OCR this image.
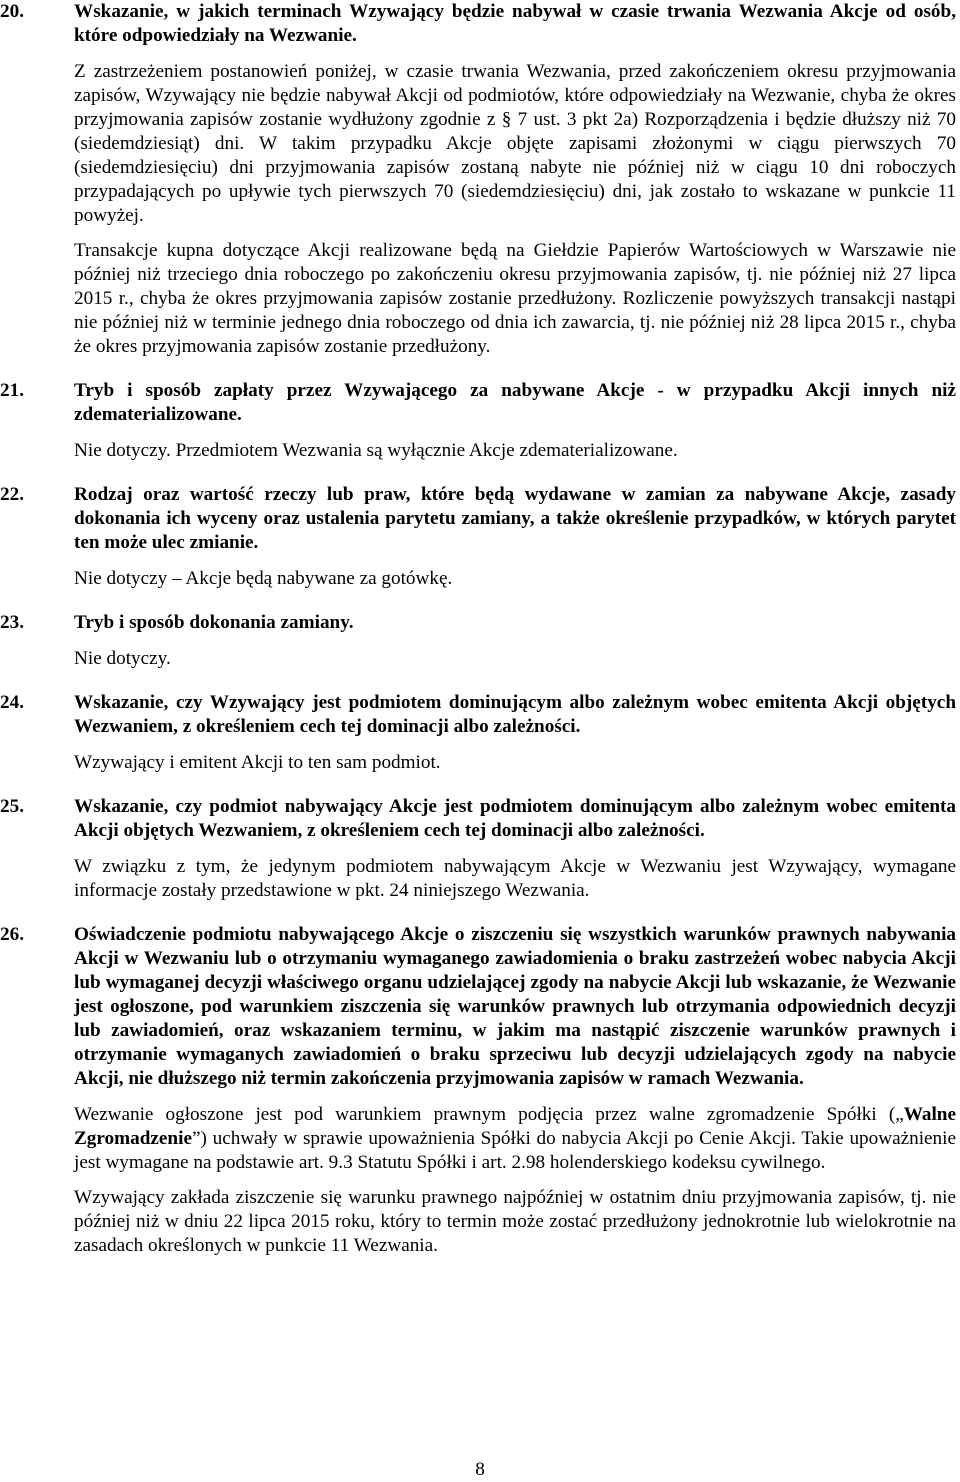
20.	Wskazanie, w jakich terminach Wzywający będzie nabywał w czasie trwania Wezwania Akcje od osób, które odpowiedziały na Wezwanie.

Z zastrzeżeniem postanowień poniżej, w czasie trwania Wezwania, przed zakończeniem okresu przyjmowania zapisów, Wzywający nie będzie nabywał Akcji od podmiotów, które odpowiedziały na Wezwanie, chyba że okres przyjmowania zapisów zostanie wydłużony zgodnie z § 7 ust. 3 pkt 2a) Rozporządzenia i będzie dłuższy niż 70 (siedemdziesiąt) dni. W takim przypadku Akcje objęte zapisami złożonymi w ciągu pierwszych 70 (siedemdziesięciu) dni przyjmowania zapisów zostaną nabyte nie później niż w ciągu 10 dni roboczych przypadających po upływie tych pierwszych 70 (siedemdziesięciu) dni, jak zostało to wskazane w punkcie 11 powyżej.

Transakcje kupna dotyczące Akcji realizowane będą na Giełdzie Papierów Wartościowych w Warszawie nie później niż trzeciego dnia roboczego po zakończeniu okresu przyjmowania zapisów, tj. nie później niż 27 lipca 2015 r., chyba że okres przyjmowania zapisów zostanie przedłużony. Rozliczenie powyższych transakcji nastąpi nie później niż w terminie jednego dnia roboczego od dnia ich zawarcia, tj. nie później niż 28 lipca 2015 r., chyba że okres przyjmowania zapisów zostanie przedłużony.

21.	Tryb i sposób zapłaty przez Wzywającego za nabywane Akcje - w przypadku Akcji innych niż zdematerializowane.

Nie dotyczy. Przedmiotem Wezwania są wyłącznie Akcje zdematerializowane.

22.	Rodzaj oraz wartość rzeczy lub praw, które będą wydawane w zamian za nabywane Akcje, zasady dokonania ich wyceny oraz ustalenia parytetu zamiany, a także określenie przypadków, w których parytet ten może ulec zmianie.

Nie dotyczy – Akcje będą nabywane za gotówkę.

23.	Tryb i sposób dokonania zamiany.

Nie dotyczy.

24.	Wskazanie, czy Wzywający jest podmiotem dominującym albo zależnym wobec emitenta Akcji objętych Wezwaniem, z określeniem cech tej dominacji albo zależności.

Wzywający i emitent Akcji to ten sam podmiot.

25.	Wskazanie, czy podmiot nabywający Akcje jest podmiotem dominującym albo zależnym wobec emitenta Akcji objętych Wezwaniem, z określeniem cech tej dominacji albo zależności.

W związku z tym, że jedynym podmiotem nabywającym Akcje w Wezwaniu jest Wzywający, wymagane informacje zostały przedstawione w pkt. 24 niniejszego Wezwania.

26.	Oświadczenie podmiotu nabywającego Akcje o ziszczeniu się wszystkich warunków prawnych nabywania Akcji w Wezwaniu lub o otrzymaniu wymaganego zawiadomienia o braku zastrzeżeń wobec nabycia Akcji lub wymaganej decyzji właściwego organu udzielającej zgody na nabycie Akcji lub wskazanie, że Wezwanie jest ogłoszone, pod warunkiem ziszczenia się warunków prawnych lub otrzymania odpowiednich decyzji lub zawiadomień, oraz wskazaniem terminu, w jakim ma nastąpić ziszczenie warunków prawnych i otrzymanie wymaganych zawiadomień o braku sprzeciwu lub decyzji udzielających zgody na nabycie Akcji, nie dłuższego niż termin zakończenia przyjmowania zapisów w ramach Wezwania.

Wezwanie ogłoszone jest pod warunkiem prawnym podjęcia przez walne zgromadzenie Spółki („Walne Zgromadzenie”) uchwały w sprawie upoważnienia Spółki do nabycia Akcji po Cenie Akcji. Takie upoważnienie jest wymagane na podstawie art. 9.3 Statutu Spółki i art. 2.98 holenderskiego kodeksu cywilnego.

Wzywający zakłada ziszczenie się warunku prawnego najpóźniej w ostatnim dniu przyjmowania zapisów, tj. nie później niż w dniu 22 lipca 2015 roku, który to termin może zostać przedłużony jednokrotnie lub wielokrotnie na zasadach określonych w punkcie 11 Wezwania.

8
